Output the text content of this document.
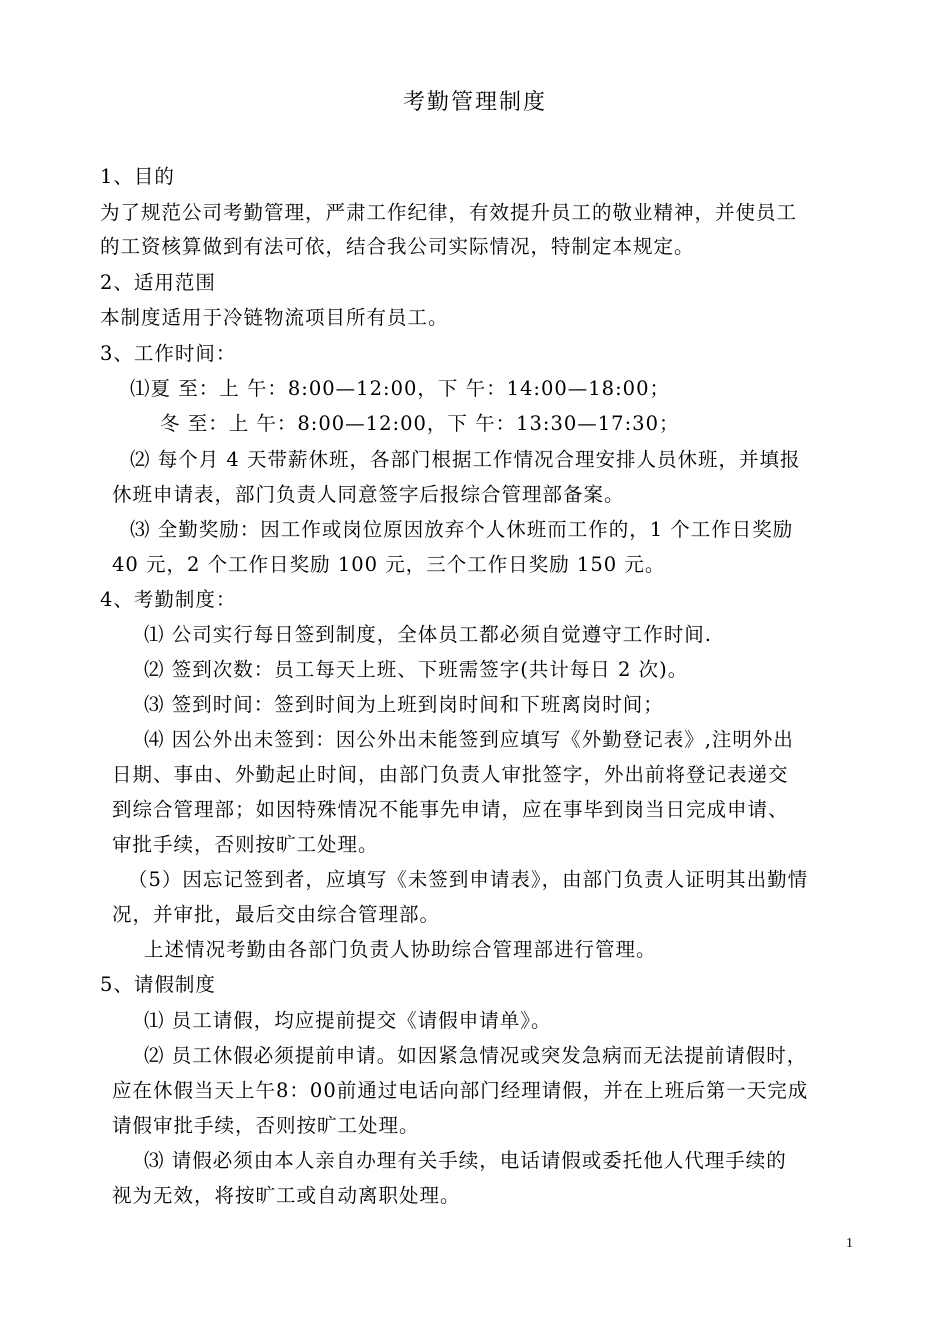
考勤管理制度
1、目的
为了规范公司考勤管理，严肃工作纪律，有效提升员工的敬业精神，并使员工
的工资核算做到有法可依，结合我公司实际情况，特制定本规定。
2、适用范围
本制度适用于冷链物流项目所有员工。
3、工作时间：
⑴夏 至：上 午：8:00—12:00，下 午：14:00—18:00；
冬 至：上 午：8:00—12:00，下 午：13:30—17:30；
⑵ 每个月 4 天带薪休班，各部门根据工作情况合理安排人员休班，并填报
休班申请表，部门负责人同意签字后报综合管理部备案。
⑶ 全勤奖励：因工作或岗位原因放弃个人休班而工作的，1 个工作日奖励
40 元，2 个工作日奖励 100 元，三个工作日奖励 150 元。
4、考勤制度：
⑴ 公司实行每日签到制度，全体员工都必须自觉遵守工作时间.
⑵ 签到次数：员工每天上班、下班需签字(共计每日 2 次)。
⑶ 签到时间：签到时间为上班到岗时间和下班离岗时间；
⑷ 因公外出未签到：因公外出未能签到应填写《外勤登记表》,注明外出
日期、事由、外勤起止时间，由部门负责人审批签字，外出前将登记表递交
到综合管理部；如因特殊情况不能事先申请，应在事毕到岗当日完成申请、
审批手续，否则按旷工处理。
（5）因忘记签到者，应填写《未签到申请表》，由部门负责人证明其出勤情
况，并审批，最后交由综合管理部。
上述情况考勤由各部门负责人协助综合管理部进行管理。
5、请假制度
⑴ 员工请假，均应提前提交《请假申请单》。
⑵ 员工休假必须提前申请。如因紧急情况或突发急病而无法提前请假时，
应在休假当天上午8：00前通过电话向部门经理请假，并在上班后第一天完成
请假审批手续，否则按旷工处理。
⑶ 请假必须由本人亲自办理有关手续，电话请假或委托他人代理手续的
视为无效，将按旷工或自动离职处理。
1
